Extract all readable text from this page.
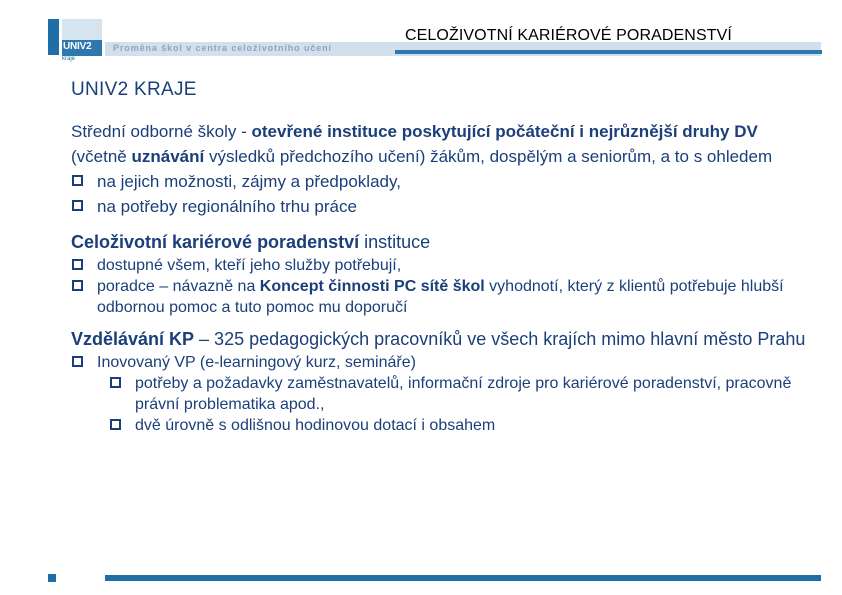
UNIV2
kraje
Proměna škol v centra celoživotního učení
CELOŽIVOTNÍ KARIÉROVÉ PORADENSTVÍ
UNIV2 KRAJE

Střední odborné školy - otevřené instituce poskytující počáteční i nejrůznější druhy DV (včetně uznávání výsledků předchozího učení) žákům, dospělým a seniorům, a to s ohledem

na jejich možnosti, zájmy a předpoklady,
na potřeby regionálního trhu práce

Celoživotní kariérové poradenství instituce

dostupné všem, kteří jeho služby potřebují,
poradce – návazně na Koncept činnosti PC sítě škol vyhodnotí, který z klientů potřebuje hlubší odbornou pomoc a tuto pomoc mu doporučí

Vzdělávání KP – 325 pedagogických pracovníků ve všech krajích mimo hlavní město Prahu

Inovovaný VP (e-learningový kurz, semináře)
potřeby a požadavky zaměstnavatelů, informační zdroje pro kariérové poradenství, pracovně právní problematika apod.,
dvě úrovně s odlišnou hodinovou dotací i obsahem
